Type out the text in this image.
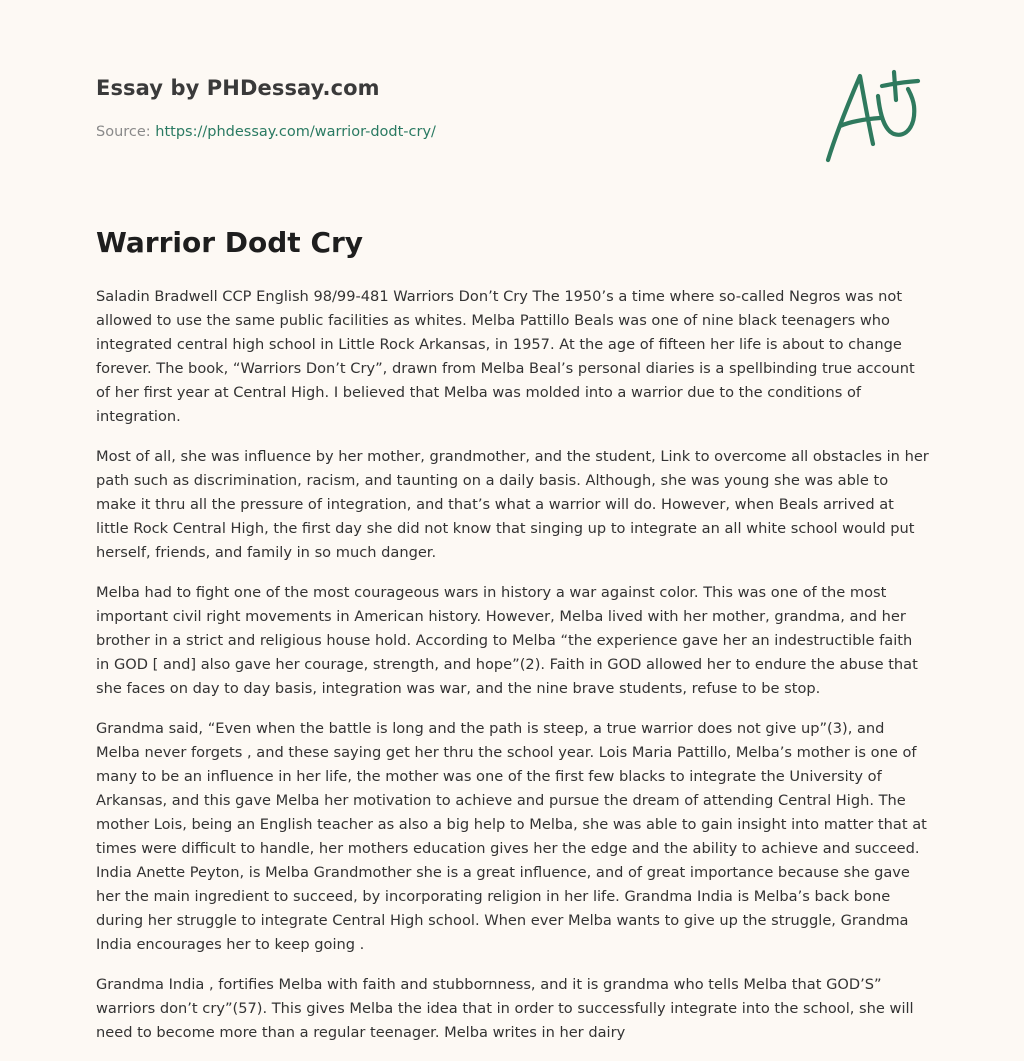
Essay by PHDessay.com
Source: https://phdessay.com/warrior-dodt-cry/
Warrior Dodt Cry

Saladin Bradwell CCP English 98/99-481 Warriors Don’t Cry The 1950’s a time where so-called Negros was not allowed to use the same public facilities as whites. Melba Pattillo Beals was one of nine black teenagers who integrated central high school in Little Rock Arkansas, in 1957. At the age of fifteen her life is about to change forever. The book, “Warriors Don’t Cry”, drawn from Melba Beal’s personal diaries is a spellbinding true account of her first year at Central High. I believed that Melba was molded into a warrior due to the conditions of integration.

Most of all, she was influence by her mother, grandmother, and the student, Link to overcome all obstacles in her path such as discrimination, racism, and taunting on a daily basis. Although, she was young she was able to make it thru all the pressure of integration, and that’s what a warrior will do. However, when Beals arrived at little Rock Central High, the first day she did not know that singing up to integrate an all white school would put herself, friends, and family in so much danger.

Melba had to fight one of the most courageous wars in history a war against color. This was one of the most important civil right movements in American history. However, Melba lived with her mother, grandma, and her brother in a strict and religious house hold. According to Melba “the experience gave her an indestructible faith in GOD [ and] also gave her courage, strength, and hope”(2). Faith in GOD allowed her to endure the abuse that she faces on day to day basis, integration was war, and the nine brave students, refuse to be stop.

Grandma said, “Even when the battle is long and the path is steep, a true warrior does not give up”(3), and Melba never forgets , and these saying get her thru the school year. Lois Maria Pattillo, Melba’s mother is one of many to be an influence in her life, the mother was one of the first few blacks to integrate the University of Arkansas, and this gave Melba her motivation to achieve and pursue the dream of attending Central High. The mother Lois, being an English teacher as also a big help to Melba, she was able to gain insight into matter that at times were difficult to handle, her mothers education gives her the edge and the ability to achieve and succeed. India Anette Peyton, is Melba Grandmother she is a great influence, and of great importance because she gave her the main ingredient to succeed, by incorporating religion in her life. Grandma India is Melba’s back bone during her struggle to integrate Central High school. When ever Melba wants to give up the struggle, Grandma India encourages her to keep going .

Grandma India , fortifies Melba with faith and stubbornness, and it is grandma who tells Melba that GOD’S” warriors don’t cry”(57). This gives Melba the idea that in order to successfully integrate into the school, she will need to become more than a regular teenager. Melba writes in her dairy
